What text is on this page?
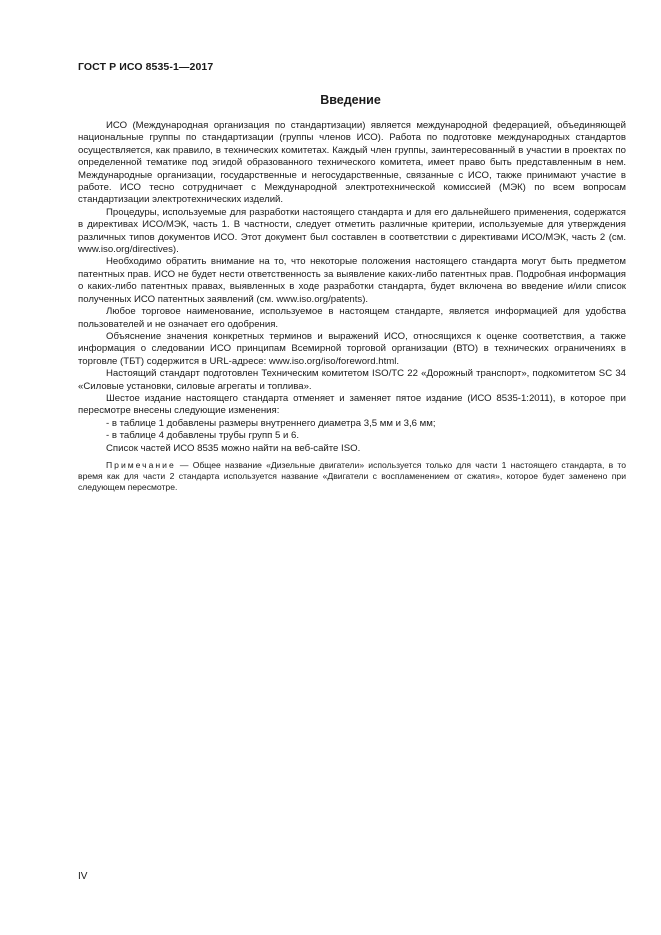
ГОСТ Р ИСО 8535-1—2017
Введение

ИСО (Международная организация по стандартизации) является международной федерацией, объединяющей национальные группы по стандартизации (группы членов ИСО). Работа по подготовке международных стандартов осуществляется, как правило, в технических комитетах. Каждый член группы, заинтересованный в участии в проектах по определенной тематике под эгидой образованного технического комитета, имеет право быть представленным в нем. Международные организации, государственные и негосударственные, связанные с ИСО, также принимают участие в работе. ИСО тесно сотрудничает с Международной электротехнической комиссией (МЭК) по всем вопросам стандартизации электротехнических изделий.

Процедуры, используемые для разработки настоящего стандарта и для его дальнейшего применения, содержатся в директивах ИСО/МЭК, часть 1. В частности, следует отметить различные критерии, используемые для утверждения различных типов документов ИСО. Этот документ был составлен в соответствии с директивами ИСО/МЭК, часть 2 (см. www.iso.org/directives).

Необходимо обратить внимание на то, что некоторые положения настоящего стандарта могут быть предметом патентных прав. ИСО не будет нести ответственность за выявление каких-либо патентных прав. Подробная информация о каких-либо патентных правах, выявленных в ходе разработки стандарта, будет включена во введение и/или список полученных ИСО патентных заявлений (см. www.iso.org/patents).

Любое торговое наименование, используемое в настоящем стандарте, является информацией для удобства пользователей и не означает его одобрения.

Объяснение значения конкретных терминов и выражений ИСО, относящихся к оценке соответствия, а также информация о следовании ИСО принципам Всемирной торговой организации (ВТО) в технических ограничениях в торговле (ТБТ) содержится в URL-адресе: www.iso.org/iso/foreword.html.

Настоящий стандарт подготовлен Техническим комитетом ISO/TC 22 «Дорожный транспорт», подкомитетом SC 34 «Силовые установки, силовые агрегаты и топлива».

Шестое издание настоящего стандарта отменяет и заменяет пятое издание (ИСО 8535-1:2011), в которое при пересмотре внесены следующие изменения:

- в таблице 1 добавлены размеры внутреннего диаметра 3,5 мм и 3,6 мм;

- в таблице 4 добавлены трубы групп 5 и 6.

Список частей ИСО 8535 можно найти на веб-сайте ISO.

Примечание — Общее название «Дизельные двигатели» используется только для части 1 настоящего стандарта, в то время как для части 2 стандарта используется название «Двигатели с воспламенением от сжатия», которое будет заменено при следующем пересмотре.

IV
